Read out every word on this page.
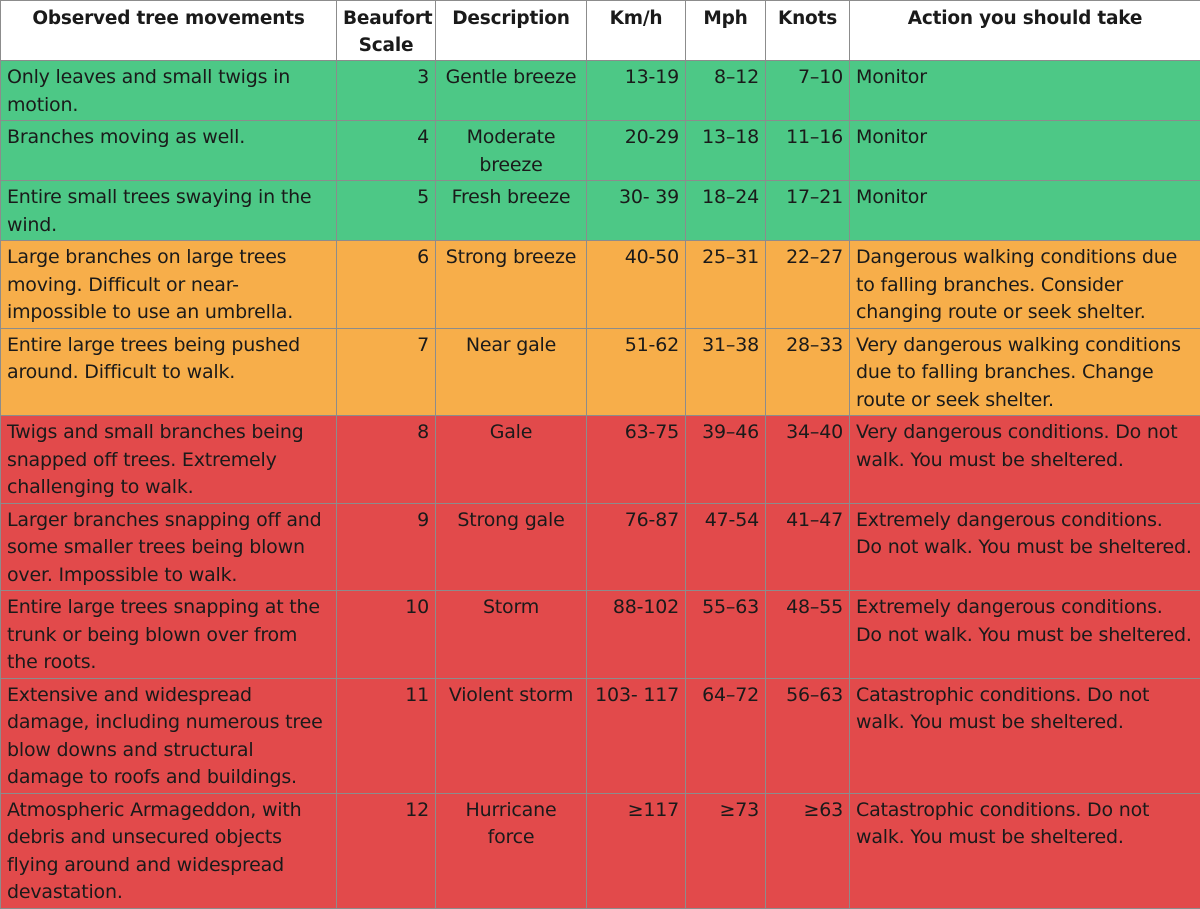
Observed tree movements	Beaufort Scale	Description	Km/h	Mph	Knots	Action you should take
Only leaves and small twigs in motion.	3	Gentle breeze	13-19	8–12	7–10	Monitor
Branches moving as well.	4	Moderate breeze	20-29	13–18	11–16	Monitor
Entire small trees swaying in the wind.	5	Fresh breeze	30- 39	18–24	17–21	Monitor
Large branches on large trees moving. Difficult or near-impossible to use an umbrella.	6	Strong breeze	40-50	25–31	22–27	Dangerous walking conditions due to falling branches. Consider changing route or seek shelter.
Entire large trees being pushed around. Difficult to walk.	7	Near gale	51-62	31–38	28–33	Very dangerous walking conditions due to falling branches. Change route or seek shelter.
Twigs and small branches being snapped off trees. Extremely challenging to walk.	8	Gale	63-75	39–46	34–40	Very dangerous conditions. Do not walk. You must be sheltered.
Larger branches snapping off and some smaller trees being blown over. Impossible to walk.	9	Strong gale	76-87	47-54	41–47	Extremely dangerous conditions. Do not walk. You must be sheltered.
Entire large trees snapping at the trunk or being blown over from the roots.	10	Storm	88-102	55–63	48–55	Extremely dangerous conditions. Do not walk. You must be sheltered.
Extensive and widespread damage, including numerous tree blow downs and structural damage to roofs and buildings.	11	Violent storm	103- 117	64–72	56–63	Catastrophic conditions. Do not walk. You must be sheltered.
Atmospheric Armageddon, with debris and unsecured objects flying around and widespread devastation.	12	Hurricane force	≥117	≥73	≥63	Catastrophic conditions. Do not walk. You must be sheltered.
